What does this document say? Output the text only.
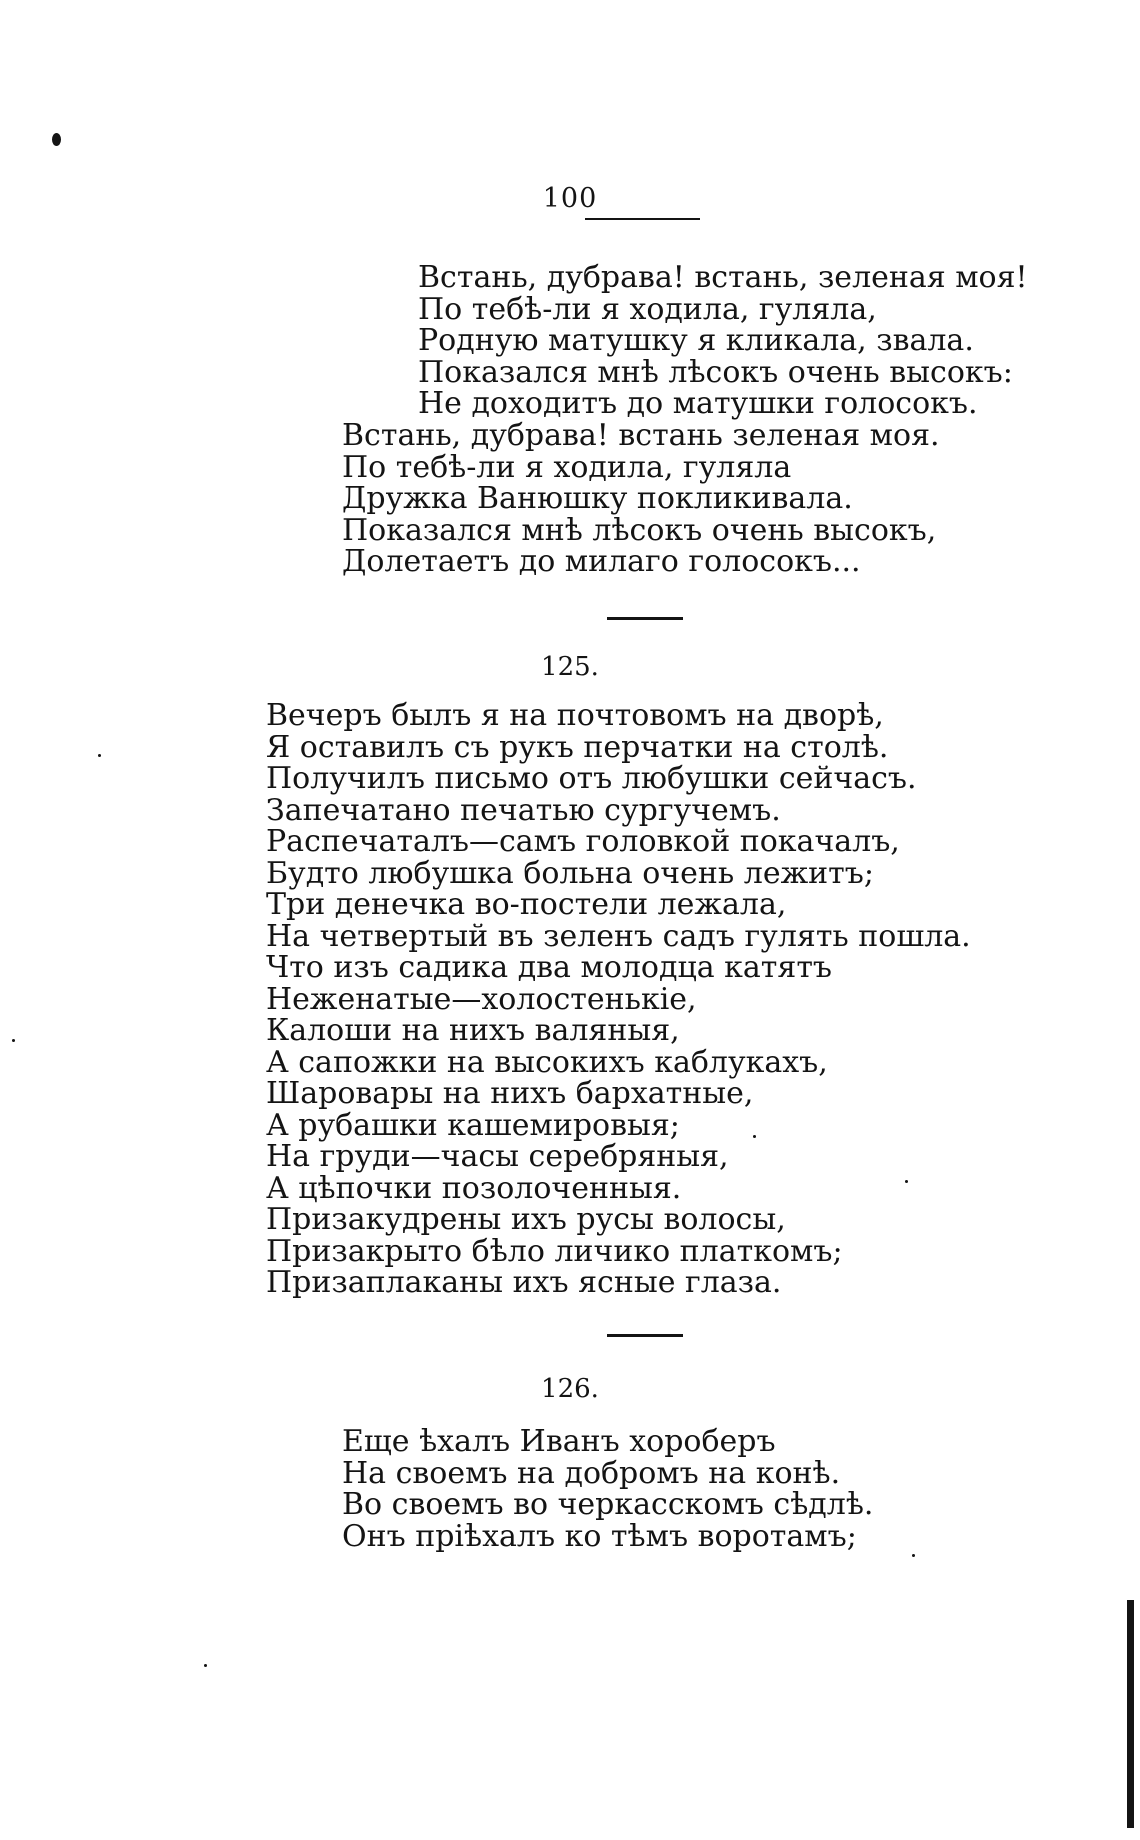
100
Встань, дубрава! встань, зеленая моя!
По тебѣ-ли я ходила, гуляла,
Родную матушку я кликала, звала.
Показался мнѣ лѣсокъ очень высокъ:
Не доходитъ до матушки голосокъ.
Встань, дубрава! встань зеленая моя.
По тебѣ-ли я ходила, гуляла
Дружка Ванюшку покликивала.
Показался мнѣ лѣсокъ очень высокъ,
Долетаетъ до милаго голосокъ...
125.
Вечеръ былъ я на почтовомъ на дворѣ,
Я оставилъ съ рукъ перчатки на столѣ.
Получилъ письмо отъ любушки сейчасъ.
Запечатано печатью сургучемъ.
Распечаталъ—самъ головкой покачалъ,
Будто любушка больна очень лежитъ;
Три денечка во-постели лежала,
На четвертый въ зеленъ садъ гулять пошла.
Что изъ садика два молодца катятъ
Неженатые—холостенькіе,
Калоши на нихъ валяныя,
А сапожки на высокихъ каблукахъ,
Шаровары на нихъ бархатные,
А рубашки кашемировыя;
На груди—часы серебряныя,
А цѣпочки позолоченныя.
Призакудрены ихъ русы волосы,
Призакрыто бѣло личико платкомъ;
Призаплаканы ихъ ясные глаза.
126.
Еще ѣхалъ Иванъ хороберъ
На своемъ на добромъ на конѣ.
Во своемъ во черкасскомъ сѣдлѣ.
Онъ пріѣхалъ ко тѣмъ воротамъ;
